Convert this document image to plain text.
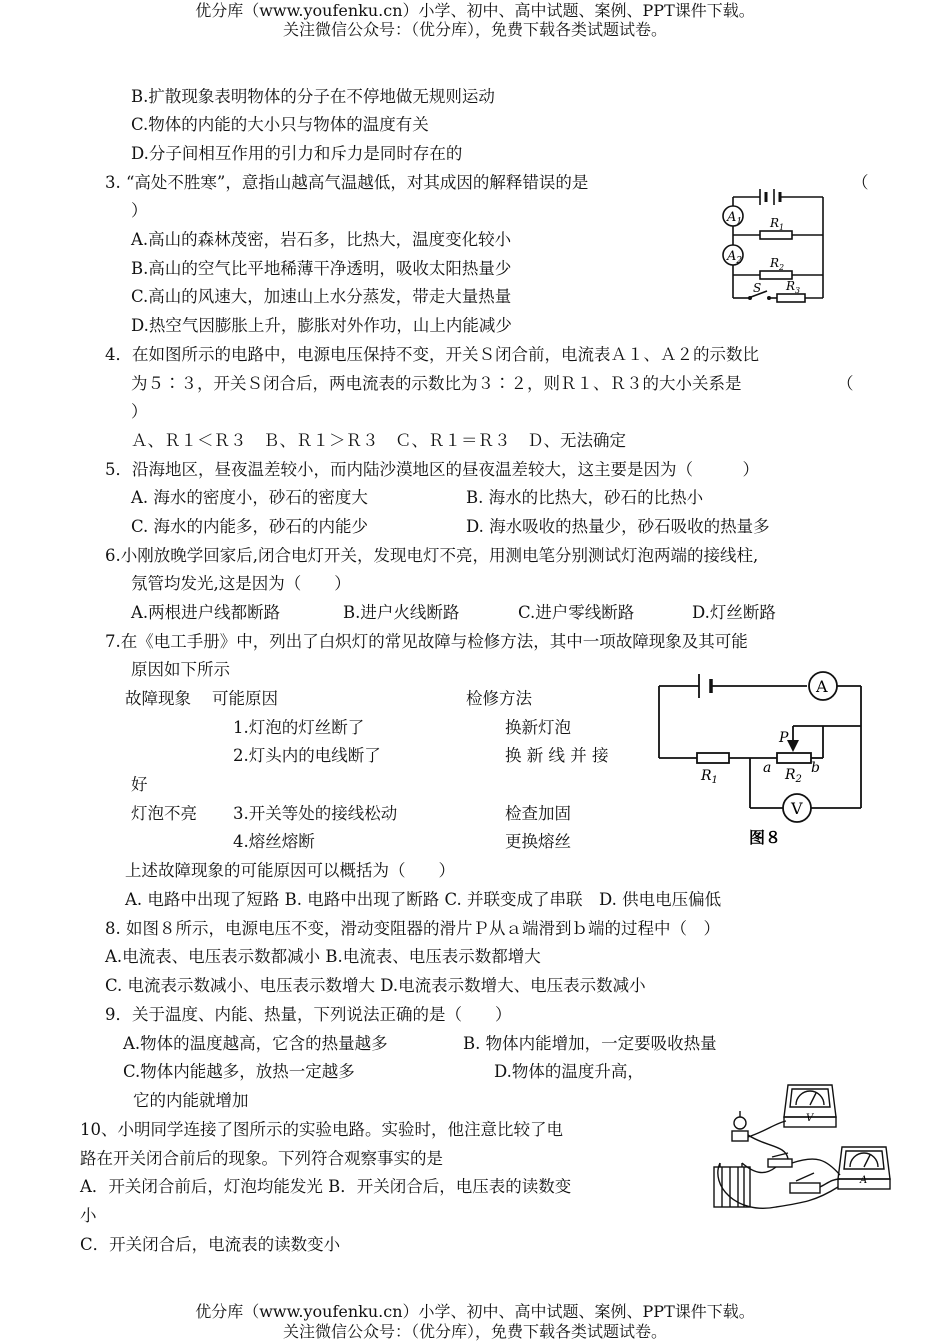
优分库（www.youfenku.cn）小学、初中、高中试题、案例、PPT课件下载。
关注微信公众号：（优分库），免费下载各类试题试卷。
B.扩散现象表明物体的分子在不停地做无规则运动
C.物体的内能的大小只与物体的温度有关
D.分子间相互作用的引力和斥力是同时存在的
3. “高处不胜寒”，意指山越高气温越低，对其成因的解释错误的是	（
）
A.高山的森林茂密，岩石多，比热大，温度变化较小
B.高山的空气比平地稀薄干净透明，吸收太阳热量少
C.高山的风速大，加速山上水分蒸发，带走大量热量
D.热空气因膨胀上升，膨胀对外作功，山上内能减少
$A_1$
$A_2$
$R_1$
$R_2$
$R_3$
S
4．在如图所示的电路中，电源电压保持不变，开关Ｓ闭合前，电流表Ａ１、Ａ２的示数比
为５∶３，开关Ｓ闭合后，两电流表的示数比为３∶２，则Ｒ１、Ｒ３的大小关系是	（
）
Ａ、Ｒ１＜Ｒ３　Ｂ、Ｒ１＞Ｒ３　Ｃ、Ｒ１＝Ｒ３　Ｄ、无法确定
5．沿海地区，昼夜温差较小，而内陆沙漠地区的昼夜温差较大，这主要是因为（　　　）
A. 海水的密度小，砂石的密度大	B. 海水的比热大，砂石的比热小
C. 海水的内能多，砂石的内能少	D. 海水吸收的热量少，砂石吸收的热量多
6.小刚放晚学回家后,闭合电灯开关，发现电灯不亮，用测电笔分别测试灯泡两端的接线柱,
氖管均发光,这是因为（　　）
A.两根进户线都断路	B.进户火线断路	C.进户零线断路	D.灯丝断路
7.在《电工手册》中，列出了白炽灯的常见故障与检修方法，其中一项故障现象及其可能
原因如下所示
故障现象 可能原因	检修方法
1.灯泡的灯丝断了	换新灯泡
2.灯头内的电线断了	换 新 线 并 接
好
灯泡不亮 3.开关等处的接线松动	检查加固
4.熔丝熔断	更换熔丝
上述故障现象的可能原因可以概括为（　　）
A. 电路中出现了短路 B. 电路中出现了断路 C. 并联变成了串联　D. 供电电压偏低
A
V
P
$R_1$
a $R_2$
b
图８
8. 如图８所示，电源电压不变，滑动变阻器的滑片Ｐ从ａ端滑到ｂ端的过程中（　）
A.电流表、电压表示数都减小 B.电流表、电压表示数都增大
C. 电流表示数减小、电压表示数增大 D.电流表示数增大、电压表示数减小
9．关于温度、内能、热量，下列说法正确的是（　　）
A.物体的温度越高，它含的热量越多	B. 物体内能增加，一定要吸收热量
C.物体内能越多，放热一定越多	D.物体的温度升高，
它的内能就增加
10、小明同学连接了图所示的实验电路。实验时，他注意比较了电
路在开关闭合前后的现象。下列符合观察事实的是
A．开关闭合前后，灯泡均能发光 B．开关闭合后，电压表的读数变
小
C．开关闭合后，电流表的读数变小
V
A
优分库（www.youfenku.cn）小学、初中、高中试题、案例、PPT课件下载。
关注微信公众号：（优分库），免费下载各类试题试卷。
